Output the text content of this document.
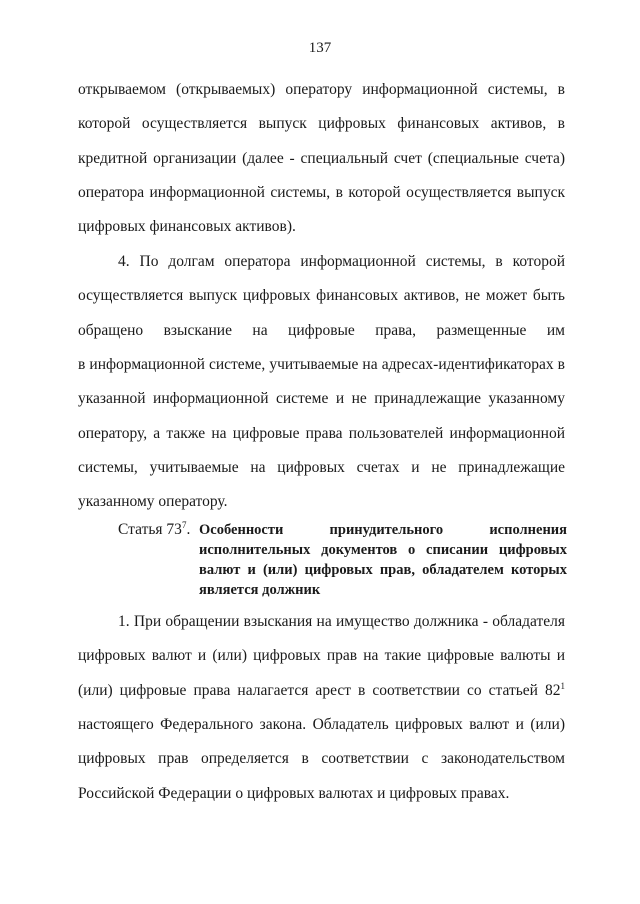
137
открываемом (открываемых) оператору информационной системы, в
которой осуществляется выпуск цифровых финансовых активов, в
кредитной организации (далее - специальный счет (специальные счета)
оператора информационной системы, в которой осуществляется выпуск
цифровых финансовых активов).
4. По долгам оператора информационной системы, в которой
осуществляется выпуск цифровых финансовых активов, не может быть
обращено взыскание на цифровые права, размещенные им
в информационной системе, учитываемые на адресах-идентификаторах в
указанной информационной системе и не принадлежащие указанному
оператору, а также на цифровые права пользователей информационной
системы, учитываемые на цифровых счетах и не принадлежащие
указанному оператору.
Статья $73^7$. Особенности принудительного исполнения
исполнительных документов о списании цифровых
валют и (или) цифровых прав, обладателем которых
является должник
1. При обращении взыскания на имущество должника - обладателя
цифровых валют и (или) цифровых прав на такие цифровые валюты и
(или) цифровые права налагается арест в соответствии со статьей $82^1$
настоящего Федерального закона. Обладатель цифровых валют и (или)
цифровых прав определяется в соответствии с законодательством
Российской Федерации о цифровых валютах и цифровых правах.
